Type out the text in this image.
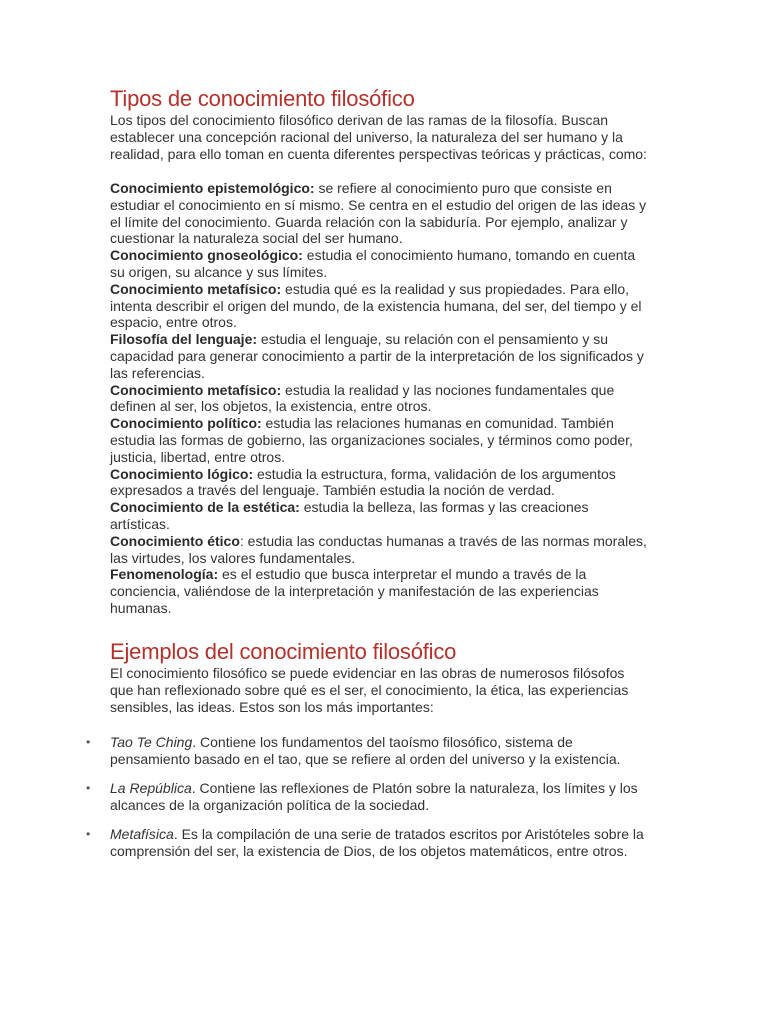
Tipos de conocimiento filosófico

Los tipos del conocimiento filosófico derivan de las ramas de la filosofía. Buscan establecer una concepción racional del universo, la naturaleza del ser humano y la realidad, para ello toman en cuenta diferentes perspectivas teóricas y prácticas, como:

Conocimiento epistemológico: se refiere al conocimiento puro que consiste en estudiar el conocimiento en sí mismo. Se centra en el estudio del origen de las ideas y el límite del conocimiento. Guarda relación con la sabiduría. Por ejemplo, analizar y cuestionar la naturaleza social del ser humano.

Conocimiento gnoseológico: estudia el conocimiento humano, tomando en cuenta su origen, su alcance y sus límites.

Conocimiento metafísico: estudia qué es la realidad y sus propiedades. Para ello, intenta describir el origen del mundo, de la existencia humana, del ser, del tiempo y el espacio, entre otros.

Filosofía del lenguaje: estudia el lenguaje, su relación con el pensamiento y su capacidad para generar conocimiento a partir de la interpretación de los significados y las referencias.

Conocimiento metafísico: estudia la realidad y las nociones fundamentales que definen al ser, los objetos, la existencia, entre otros.

Conocimiento político: estudia las relaciones humanas en comunidad. También estudia las formas de gobierno, las organizaciones sociales, y términos como poder, justicia, libertad, entre otros.

Conocimiento lógico: estudia la estructura, forma, validación de los argumentos expresados a través del lenguaje. También estudia la noción de verdad.

Conocimiento de la estética: estudia la belleza, las formas y las creaciones artísticas.

Conocimiento ético: estudia las conductas humanas a través de las normas morales, las virtudes, los valores fundamentales.

Fenomenología: es el estudio que busca interpretar el mundo a través de la conciencia, valiéndose de la interpretación y manifestación de las experiencias humanas.

Ejemplos del conocimiento filosófico

El conocimiento filosófico se puede evidenciar en las obras de numerosos filósofos que han reflexionado sobre qué es el ser, el conocimiento, la ética, las experiencias sensibles, las ideas. Estos son los más importantes:

• Tao Te Ching. Contiene los fundamentos del taoísmo filosófico, sistema de pensamiento basado en el tao, que se refiere al orden del universo y la existencia.
• La República. Contiene las reflexiones de Platón sobre la naturaleza, los límites y los alcances de la organización política de la sociedad.
• Metafísica. Es la compilación de una serie de tratados escritos por Aristóteles sobre la comprensión del ser, la existencia de Dios, de los objetos matemáticos, entre otros.
